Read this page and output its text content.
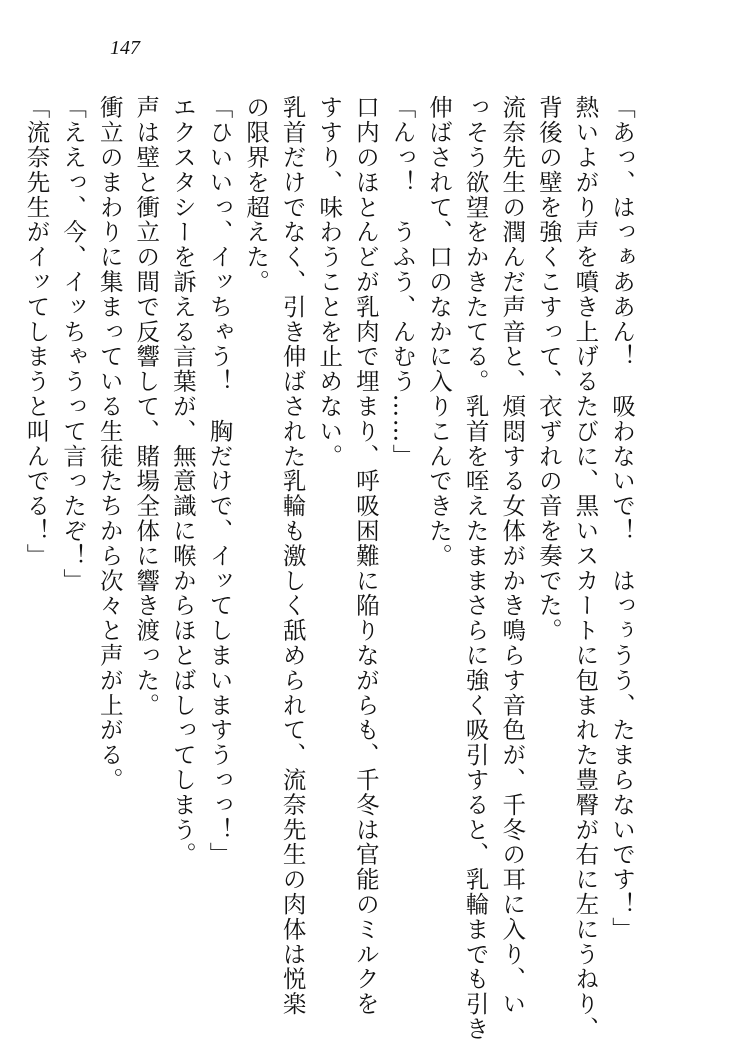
147
「あっ、はっぁああん！　吸わないで！　はっぅうう、たまらないです！」
熱いよがり声を噴き上げるたびに、黒いスカートに包まれた豊臀が右に左にうねり、
背後の壁を強くこすって、衣ずれの音を奏でた。
流奈先生の潤んだ声音と、煩悶する女体がかき鳴らす音色が、千冬の耳に入り、い
っそう欲望をかきたてる。乳首を咥えたままさらに強く吸引すると、乳輪までも引き
伸ばされて、口のなかに入りこんできた。
「んっ！　うふう、んむう……」
口内のほとんどが乳肉で埋まり、呼吸困難に陥りながらも、千冬は官能のミルクを
すすり、味わうことを止めない。
乳首だけでなく、引き伸ばされた乳輪も激しく舐められて、流奈先生の肉体は悦楽
の限界を超えた。
「ひいいっ、イッちゃう！　胸だけで、イッてしまいますうっっ！」
エクスタシーを訴える言葉が、無意識に喉からほとばしってしまう。
声は壁と衝立の間で反響して、賭場全体に響き渡った。
衝立のまわりに集まっている生徒たちから次々と声が上がる。
「ええっ、今、イッちゃうって言ったぞ！」
「流奈先生がイッてしまうと叫んでる！」
